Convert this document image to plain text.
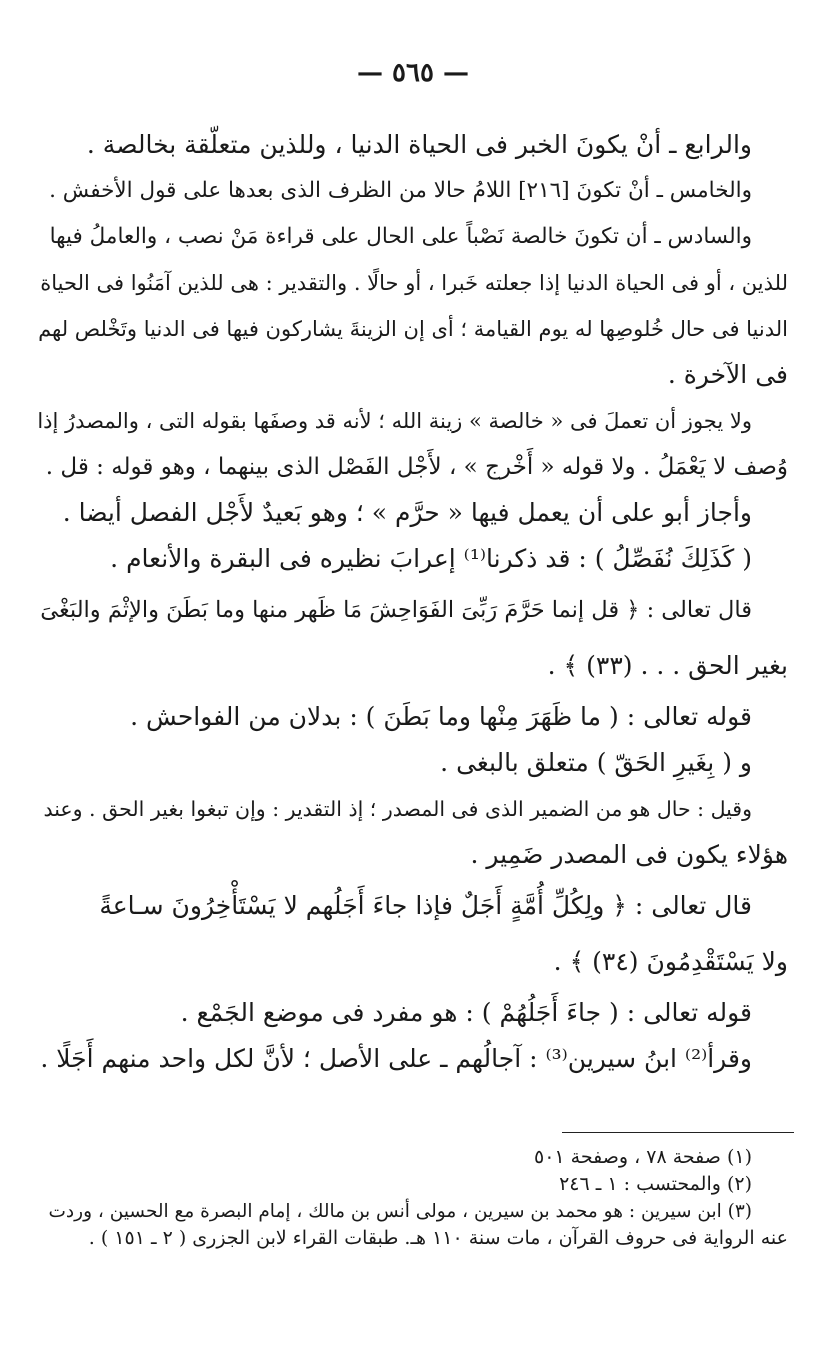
— ٥٦٥ —
والرابع ـ أنْ يكونَ الخبر فى الحياة الدنيا ، وللذين متعلّقة بخالصة .
والخامس ـ أنْ تكونَ [٢١٦] اللامُ حالا من الظرف الذى بعدها على قول الأخفش .
والسادس ـ أن تكونَ خالصة نَصْباً على الحال على قراءة مَنْ نصب ، والعاملُ فيها
للذين ، أو فى الحياة الدنيا إذا جعلته خَبرا ، أو حالًا . والتقدير : هى للذين آمَنُوا فى الحياة
الدنيا فى حال خُلوصِها له يوم القيامة ؛ أى إن الزينةَ يشاركون فيها فى الدنيا وتَخْلص لهم
فى الآخرة .
ولا يجوز أن تعملَ فى « خالصة » زينة الله ؛ لأنه قد وصفَها بقوله التى ، والمصدرُ إذا
وُصف لا يَعْمَلُ . ولا قوله « أَخْرج » ، لأَجْل الفَصْل الذى بينهما ، وهو قوله : قل .
وأجاز أبو على أن يعمل فيها « حرَّم » ؛ وهو بَعيدٌ لأَجْل الفصل أيضا .
( كَذَلِكَ نُفَصِّلُ ) : قد ذكرنا⁽¹⁾ إعرابَ نظيره فى البقرة والأنعام .
قال تعالى : ﴿ قل إنما حَرَّمَ رَبِّىَ الفَوَاحِشَ مَا ظَهر منها وما بَطَنَ والإثْمَ والبَغْىَ
بغير الحق . . . (٣٣) ﴾ .
قوله تعالى : ( ما ظَهَرَ مِنْها وما بَطَنَ ) : بدلان من الفواحش .
و ( بِغَيرِ الحَقّ ) متعلق بالبغى .
وقيل : حال هو من الضمير الذى فى المصدر ؛ إذ التقدير : وإن تبغوا بغير الحق . وعند
هؤلاء يكون فى المصدر ضَمِير .
قال تعالى : ﴿ ولِكُلِّ أُمَّةٍ أَجَلٌ فإذا جاءَ أَجَلُهم لا يَسْتَأْخِرُونَ سـاعةً
ولا يَسْتَقْدِمُونَ (٣٤) ﴾ .
قوله تعالى : ( جاءَ أَجَلُهُمْ ) : هو مفرد فى موضع الجَمْع .
وقرأ⁽²⁾ ابنُ سيرين⁽³⁾ : آجالُهم ـ على الأصل ؛ لأنَّ لكل واحد منهم أَجَلًا .
(١) صفحة ٧٨ ، وصفحة ٥٠١
(٢) والمحتسب : ١ ـ ٢٤٦
(٣) ابن سيرين : هو محمد بن سيرين ، مولى أنس بن مالك ، إمام البصرة مع الحسين ، وردت
عنه الرواية فى حروف القرآن ، مات سنة ١١٠ هـ. طبقات القراء لابن الجزرى ( ٢ ـ ١٥١ ) .
